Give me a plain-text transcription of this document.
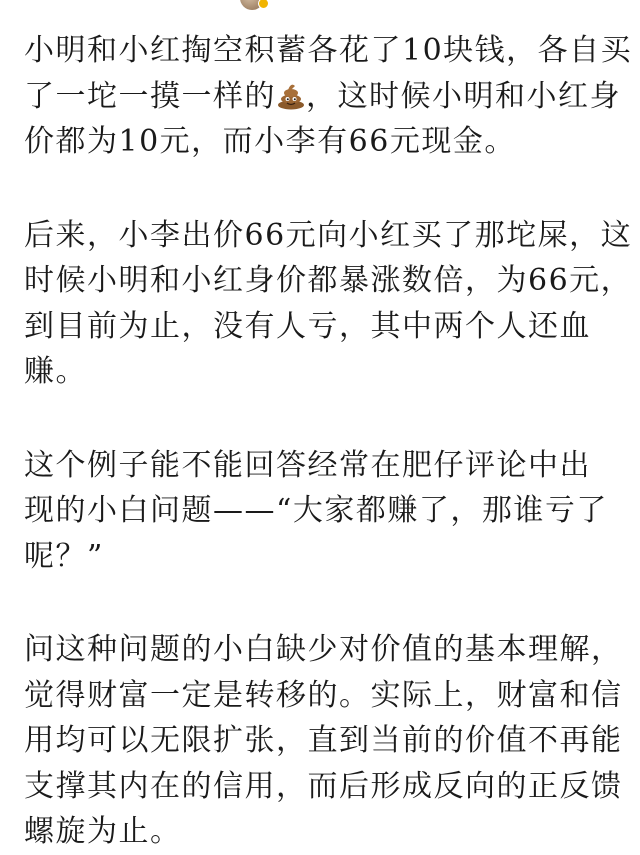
小明和小红掏空积蓄各花了10块钱，各自买
了一坨一摸一样的 ，这时候小明和小红身
价都为10元，而小李有66元现金。
后来，小李出价66元向小红买了那坨屎，这
时候小明和小红身价都暴涨数倍，为66元，
到目前为止，没有人亏，其中两个人还血
赚。
这个例子能不能回答经常在肥仔评论中出
现的小白问题——“大家都赚了，那谁亏了
呢？”
问这种问题的小白缺少对价值的基本理解，
觉得财富一定是转移的。实际上，财富和信
用均可以无限扩张，直到当前的价值不再能
支撑其内在的信用，而后形成反向的正反馈
螺旋为止。
